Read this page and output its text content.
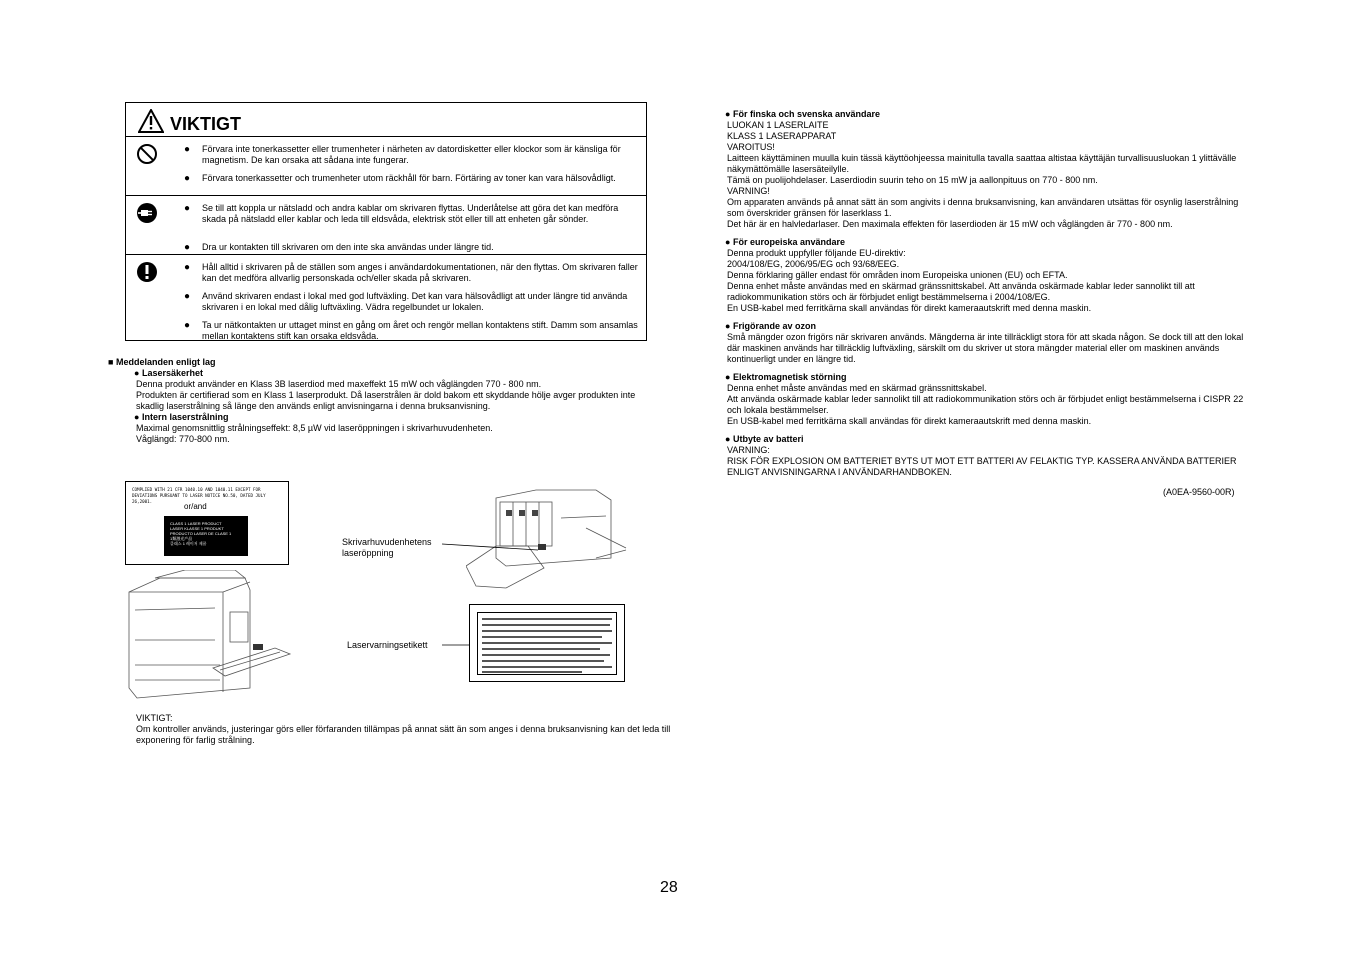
VIKTIGT
● Förvara inte tonerkassetter eller trumenheter i närheten av datordisketter eller klockor som är känsliga för magnetism. De kan orsaka att sådana inte fungerar.
● Förvara tonerkassetter och trumenheter utom räckhåll för barn. Förtäring av toner kan vara hälsovådligt.
● Se till att koppla ur nätsladd och andra kablar om skrivaren flyttas. Underlåtelse att göra det kan medföra skada på nätsladd eller kablar och leda till eldsvåda, elektrisk stöt eller till att enheten går sönder.
● Dra ur kontakten till skrivaren om den inte ska användas under längre tid.
● Håll alltid i skrivaren på de ställen som anges i användardokumentationen, när den flyttas. Om skrivaren faller kan det medföra allvarlig personskada och/eller skada på skrivaren.
● Använd skrivaren endast i lokal med god luftväxling. Det kan vara hälsovådligt att under längre tid använda skrivaren i en lokal med dålig luftväxling. Vädra regelbundet ur lokalen.
● Ta ur nätkontakten ur uttaget minst en gång om året och rengör mellan kontaktens stift. Damm som ansamlas mellan kontaktens stift kan orsaka eldsvåda.
■ Meddelanden enligt lag
● Lasersäkerhet
Denna produkt använder en Klass 3B laserdiod med maxeffekt 15 mW och våglängden 770 - 800 nm.
Produkten är certifierad som en Klass 1 laserprodukt. Då laserstrålen är dold bakom ett skyddande hölje avger produkten inte
skadlig laserstrålning så länge den används enligt anvisningarna i denna bruksanvisning.
● Intern laserstrålning
Maximal genomsnittlig strålningseffekt: 8,5 µW vid laseröppningen i skrivarhuvudenheten.
Våglängd: 770-800 nm.
COMPLIED WITH 21 CFR 1040.10 AND 1040.11 EXCEPT FOR DEVIATIONS PURSUANT TO LASER NOTICE NO.50, DATED JULY 26,2001.
or/and
CLASS 1 LASER PRODUCT
LASER KLASSE 1 PRODUKT
PRODUCTO LASER DE CLASE 1
1類激光产品
클래스 1 레이저 제품	Skrivarhuvudenhetens laseröppning
Laservarningsetikett
VIKTIGT:
Om kontroller används, justeringar görs eller förfaranden tillämpas på annat sätt än som anges i denna bruksanvisning kan det leda till exponering för farlig strålning.
● För finska och svenska användare
LUOKAN 1 LASERLAITE
KLASS 1 LASERAPPARAT
VAROITUS!
Laitteen käyttäminen muulla kuin tässä käyttöohjeessa mainitulla tavalla saattaa altistaa käyttäjän turvallisuusluokan 1 ylittävälle näkymättömälle lasersäteilylle.
Tämä on puolijohdelaser. Laserdiodin suurin teho on 15 mW ja aallonpituus on 770 - 800 nm.
VARNING!
Om apparaten används på annat sätt än som angivits i denna bruksanvisning, kan användaren utsättas för osynlig laserstrålning som överskrider gränsen för laserklass 1.
Det här är en halvledarlaser. Den maximala effekten för laserdioden är 15 mW och våglängden är 770 - 800 nm.
● För europeiska användare
Denna produkt uppfyller följande EU-direktiv:
2004/108/EG, 2006/95/EG och 93/68/EEG.
Denna förklaring gäller endast för områden inom Europeiska unionen (EU) och EFTA.
Denna enhet måste användas med en skärmad gränssnittskabel. Att använda oskärmade kablar leder sannolikt till att radiokommunikation störs och är förbjudet enligt bestämmelserna i 2004/108/EG.
En USB-kabel med ferritkärna skall användas för direkt kameraautskrift med denna maskin.
● Frigörande av ozon
Små mängder ozon frigörs när skrivaren används. Mängderna är inte tillräckligt stora för att skada någon. Se dock till att den lokal där maskinen används har tillräcklig luftväxling, särskilt om du skriver ut stora mängder material eller om maskinen används kontinuerligt under en längre tid.
● Elektromagnetisk störning
Denna enhet måste användas med en skärmad gränssnittskabel.
Att använda oskärmade kablar leder sannolikt till att radiokommunikation störs och är förbjudet enligt bestämmelserna i CISPR 22 och lokala bestämmelser.
En USB-kabel med ferritkärna skall användas för direkt kameraautskrift med denna maskin.
● Utbyte av batteri
VARNING:
RISK FÖR EXPLOSION OM BATTERIET BYTS UT MOT ETT BATTERI AV FELAKTIG TYP. KASSERA ANVÄNDA BATTERIER ENLIGT ANVISNINGARNA I ANVÄNDARHANDBOKEN.
(A0EA-9560-00R)
28
